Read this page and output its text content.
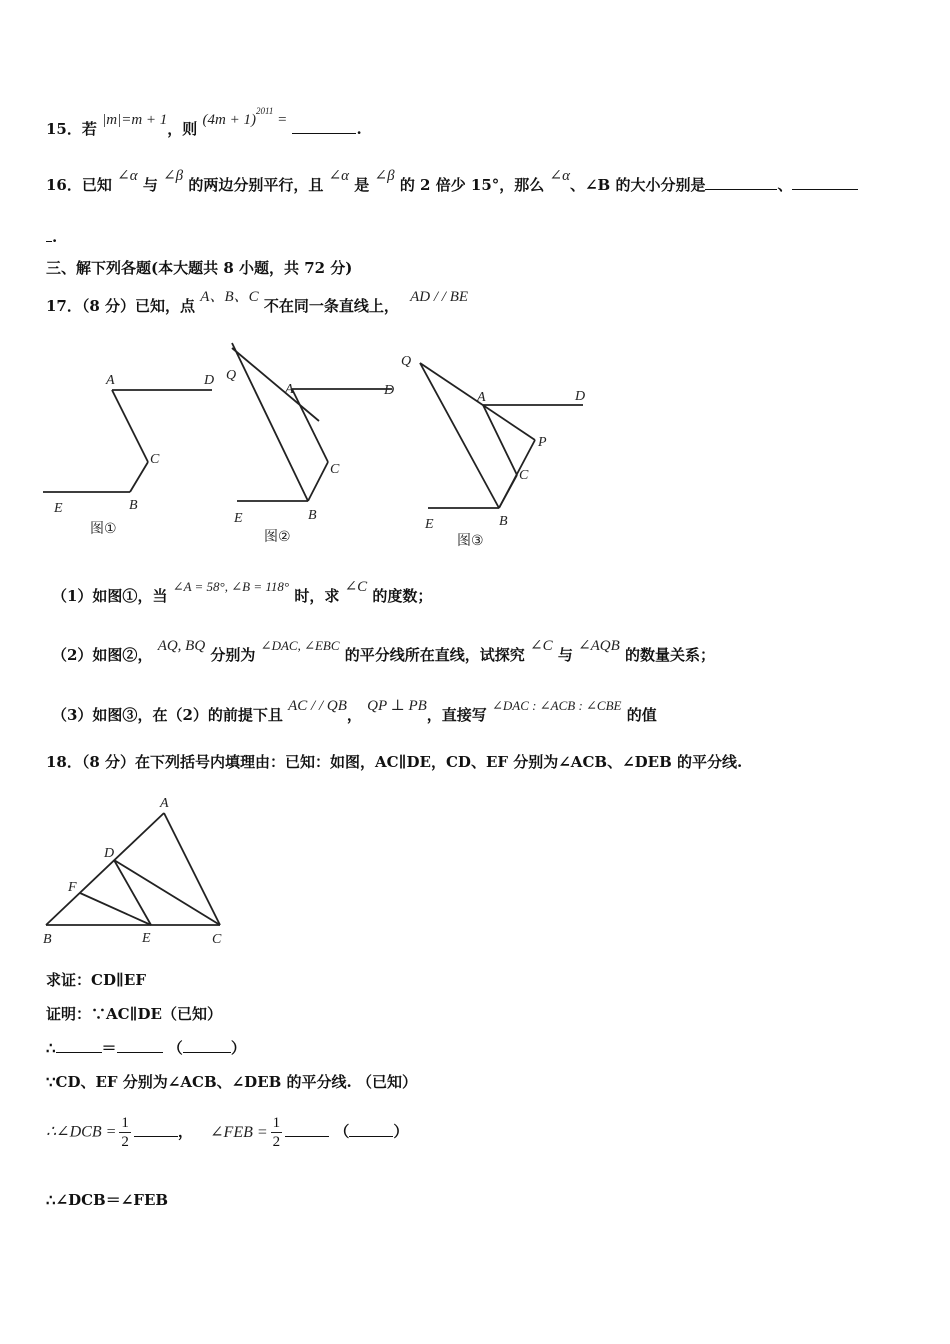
15．若 |m|=m + 1，则 $(4m + 1)^{2011}$ =	.
16．已知 ∠α 与 ∠β 的两边分别平行，且 ∠α 是 ∠β 的 2 倍少 15°，那么 ∠α、∠B 的大小分别是	、
.
三、解下列各题(本大题共 8 小题，共 72 分)
17．（8 分）已知，点 A、B、C 不在同一条直线上， AD / / BE
A	D
C
E	B
图①
Q
A	D
C
E	B
图②
Q
A	D
P
C
E	B
图③
（1）如图①，当 ∠A = 58°, ∠B = 118° 时，求 ∠C 的度数；
（2）如图②， AQ, BQ 分别为 ∠DAC, ∠EBC 的平分线所在直线，试探究 ∠C 与 ∠AQB 的数量关系；
（3）如图③，在（2）的前提下且 AC / / QB， QP ⊥ PB，直接写 ∠DAC : ∠ACB : ∠CBE 的值
18．（8 分）在下列括号内填理由：已知：如图，AC∥DE，CD、EF 分别为∠ACB、∠DEB 的平分线.
A
D
F
B	E	C
求证：CD∥EF
证明：∵AC∥DE（已知）
∴	＝	（	）
∵CD、EF 分别为∠ACB、∠DEB 的平分线. （已知）
∴∠DCB = $\frac{1}{2}$	， ∠FEB = $\frac{1}{2}$	（	）
∴∠DCB＝∠FEB
